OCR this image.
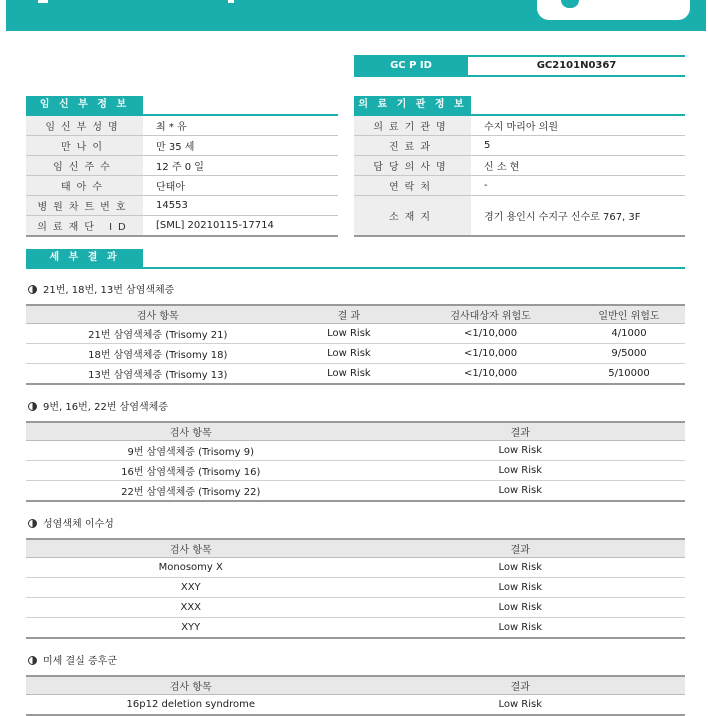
GC P ID	GC2101N0367
임 신 부 정 보	의 료 기 관 정 보
임신부성명	최 * 유
만나이	만 35 세
임신주수	12 주 0 일
태아수	단태아
병원차트번호	14553
의료재단 ID	[SML] 20210115-17714
의료기관명	수지 마리아 의원
진료과	5
담당의사명	신 소 현
연락처	-
소재지	경기 용인시 수지구 신수로 767, 3F
세 부 결 과
21번, 18번, 13번 삼염색체증
검사 항목	결 과	검사대상자 위험도	일반인 위험도
21번 삼염색체증 (Trisomy 21)	Low Risk	<1/10,000	4/1000
18번 삼염색체증 (Trisomy 18)	Low Risk	<1/10,000	9/5000
13번 삼염색체증 (Trisomy 13)	Low Risk	<1/10,000	5/10000
9번, 16번, 22번 삼염색체증
검사 항목	결과
9번 삼염색체증 (Trisomy 9)	Low Risk
16번 삼염색체증 (Trisomy 16)	Low Risk
22번 삼염색체증 (Trisomy 22)	Low Risk
성염색체 이수성
검사 항목	결과
Monosomy X	Low Risk
XXY	Low Risk
XXX	Low Risk
XYY	Low Risk
미세 결실 증후군
검사 항목	결과
16p12 deletion syndrome	Low Risk
